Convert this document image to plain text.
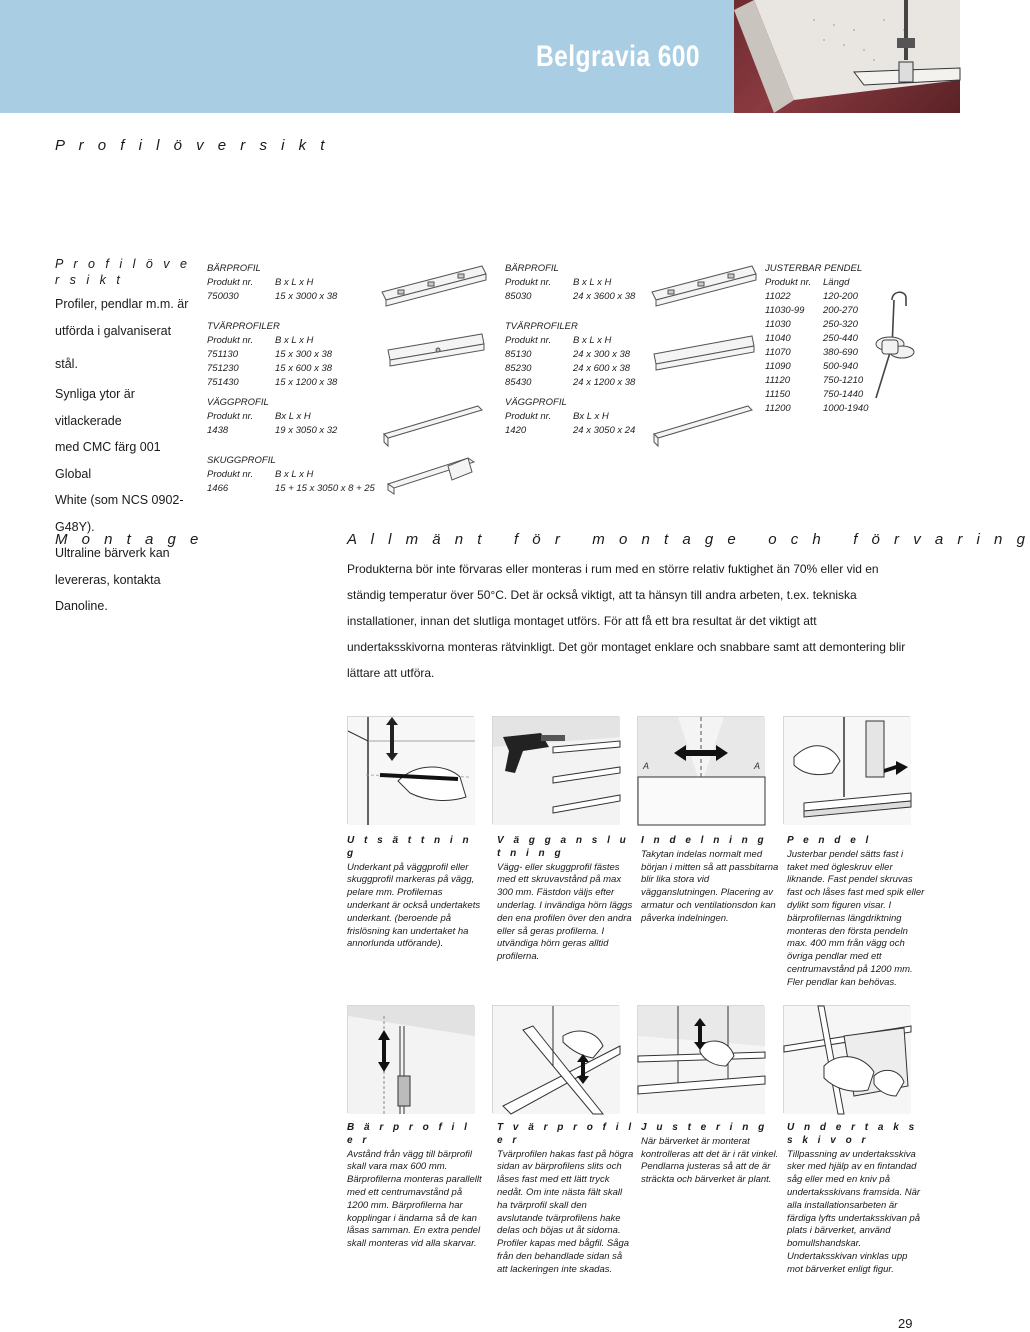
Belgravia 600
P r o f i l ö v e r s i k t
P r o f i l ö v e r s i k t
Profiler, pendlar m.m. är
utförda i galvaniserat stål.
Synliga ytor är vitlackerade
med CMC färg 001 Global
White (som NCS 0902-
G48Y).
Ultraline bärverk kan
levereras, kontakta
Danoline.
BÄRPROFIL
Produkt nr.	B x L x H
750030	15 x 3000 x 38
TVÄRPROFILER
Produkt nr.	B x L x H
751130	15 x 300 x 38
751230	15 x 600 x 38
751430	15 x 1200 x 38
VÄGGPROFIL
Produkt nr.	Bx L x H
1438	19 x 3050 x 32
SKUGGPROFIL
Produkt nr.	B x L x H
1466	15 + 15 x 3050 x 8 + 25
BÄRPROFIL
Produkt nr.	B x L x H
85030	24 x 3600 x 38
TVÄRPROFILER
Produkt nr.	B x L x H
85130	24 x 300 x 38
85230	24 x 600 x 38
85430	24 x 1200 x 38
VÄGGPROFIL
Produkt nr.	Bx L x H
1420	24 x 3050 x 24
JUSTERBAR PENDEL
Produkt nr.	Längd
11022	120-200
11030-99	200-270
11030	250-320
11040	250-440
11070	380-690
11090	500-940
11120	750-1210
11150	750-1440
11200	1000-1940
M o n t a g e	A l l m ä n t   f ö r   m o n t a g e   o c h   f ö r v a r i n g
Produkterna bör inte förvaras eller monteras i rum med en större relativ fuktighet än 70% eller vid en ständig temperatur över 50°C. Det är också viktigt, att ta hänsyn till andra arbeten, t.ex. tekniska installationer, innan det slutliga montaget utförs. För att få ett bra resultat är det viktigt att undertaksskivorna monteras rätvinkligt. Det gör montaget enklare och snabbare samt att demontering blir lättare att utföra.
A	A
U t s ä t t n i n g
Underkant på väggprofil eller skuggprofil markeras på vägg, pelare mm. Profilernas underkant är också undertakets underkant. (beroende på frislösning kan undertaket ha annorlunda utförande).
V ä g g a n s l u t n i n g
Vägg- eller skuggprofil fästes med ett skruvavstånd på max 300 mm. Fästdon väljs efter underlag. I invändiga hörn läggs den ena profilen över den andra eller så geras profilerna. I utvändiga hörn geras alltid profilerna.
I n d e l n i n g
Takytan indelas normalt med början i mitten så att passbitarna blir lika stora vid vägganslutningen. Placering av armatur och ventilationsdon kan påverka indelningen.
P e n d e l
Justerbar pendel sätts fast i taket med ögleskruv eller liknande. Fast pendel skruvas fast och låses fast med spik eller dylikt som figuren visar. I bärprofilernas längdriktning monteras den första pendeln max. 400 mm från vägg och övriga pendlar med ett centrumavstånd på 1200 mm. Fler pendlar kan behövas.
B ä r p r o f i l e r
Avstånd från vägg till bärprofil skall vara max 600 mm. Bärprofilerna monteras parallellt med ett centrumavstånd på 1200 mm. Bärprofilerna har kopplingar i ändarna så de kan låsas samman. En extra pendel skall monteras vid alla skarvar.
T v ä r p r o f i l e r
Tvärprofilen hakas fast på högra sidan av bärprofilens slits och låses fast med ett lätt tryck nedåt. Om inte nästa fält skall ha tvärprofil skall den avslutande tvärprofilens hake delas och böjas ut åt sidorna. Profiler kapas med bågfil. Såga från den behandlade sidan så att lackeringen inte skadas.
J u s t e r i n g
När bärverket är monterat kontrolleras att det är i rät vinkel. Pendlarna justeras så att de är sträckta och bärverket är plant.
U n d e r t a k s s k i v o r
Tillpassning av undertaksskiva sker med hjälp av en fintandad såg eller med en kniv på undertaksskivans framsida. När alla installationsarbeten är färdiga lyfts undertaksskivan på plats i bärverket, använd bomullshandskar. Undertaksskivan vinklas upp mot bärverket enligt figur.
29
